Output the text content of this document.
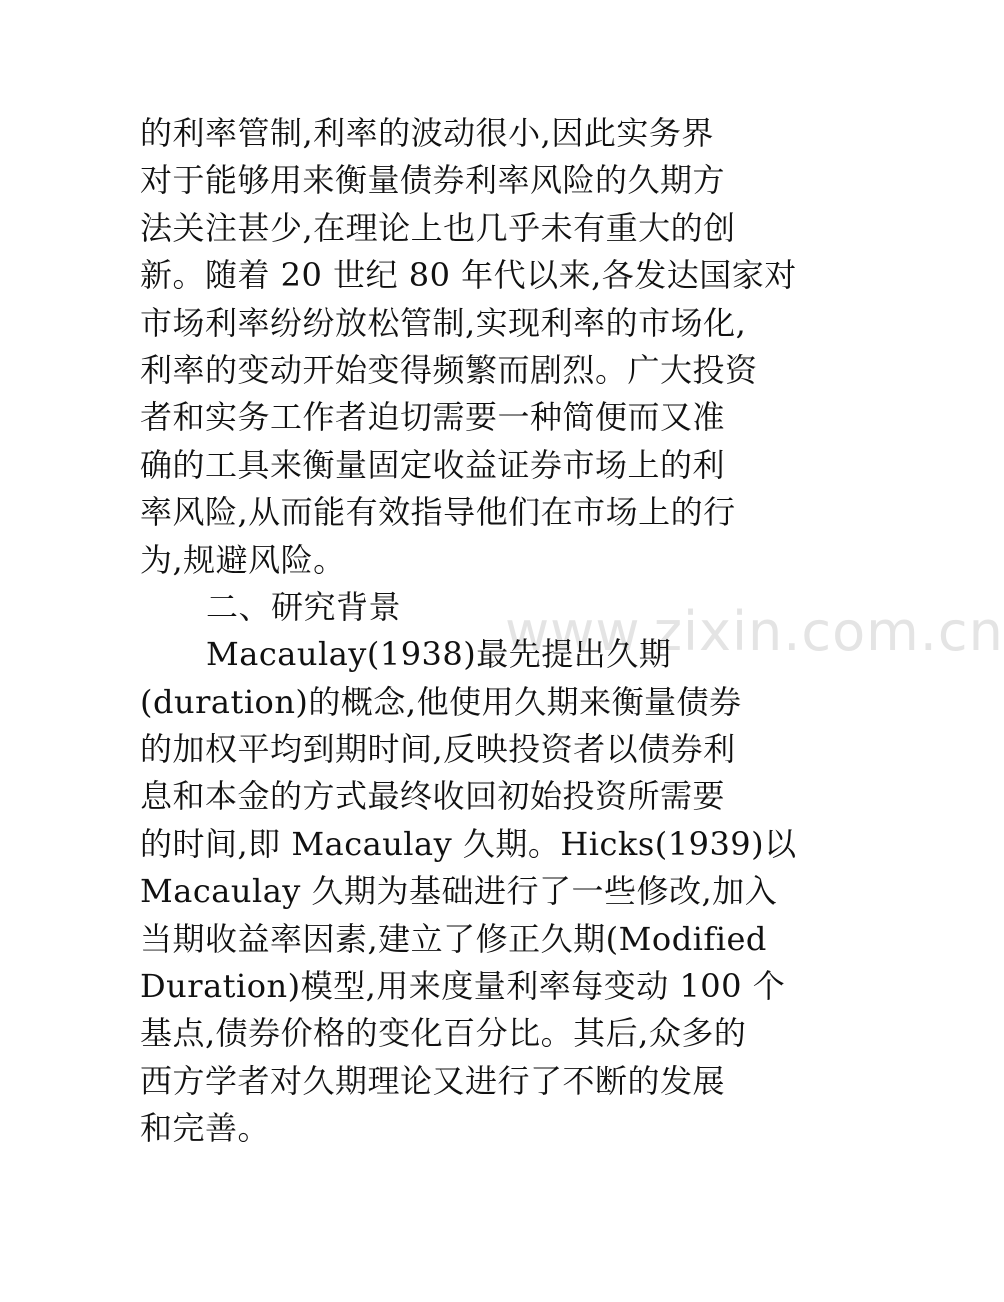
www.zixin.com.cn
的利率管制,利率的波动很小,因此实务界
对于能够用来衡量债券利率风险的久期方
法关注甚少,在理论上也几乎未有重大的创
新。随着 20 世纪 80 年代以来,各发达国家对
市场利率纷纷放松管制,实现利率的市场化,
利率的变动开始变得频繁而剧烈。广大投资
者和实务工作者迫切需要一种简便而又准
确的工具来衡量固定收益证券市场上的利
率风险,从而能有效指导他们在市场上的行
为,规避风险。
二、研究背景
Macaulay(1938)最先提出久期
(duration)的概念,他使用久期来衡量债券
的加权平均到期时间,反映投资者以债券利
息和本金的方式最终收回初始投资所需要
的时间,即 Macaulay 久期。Hicks(1939)以
Macaulay 久期为基础进行了一些修改,加入
当期收益率因素,建立了修正久期(Modified
Duration)模型,用来度量利率每变动 100 个
基点,债券价格的变化百分比。其后,众多的
西方学者对久期理论又进行了不断的发展
和完善。
